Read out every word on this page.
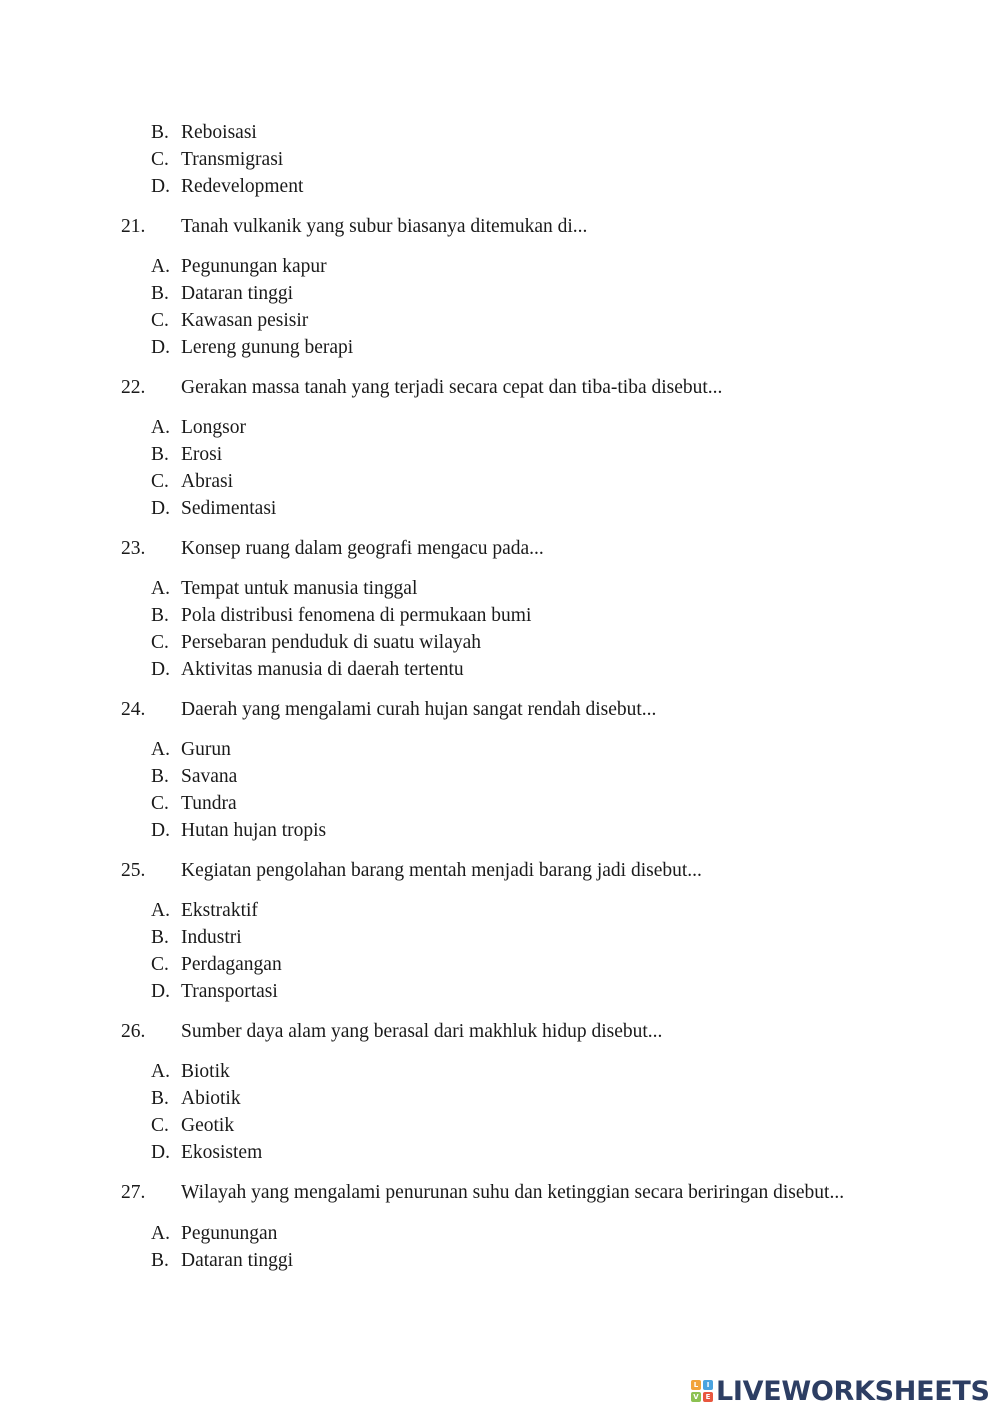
B. Reboisasi
C. Transmigrasi
D. Redevelopment
21. Tanah vulkanik yang subur biasanya ditemukan di...
A. Pegunungan kapur
B. Dataran tinggi
C. Kawasan pesisir
D. Lereng gunung berapi
22. Gerakan massa tanah yang terjadi secara cepat dan tiba-tiba disebut...
A. Longsor
B. Erosi
C. Abrasi
D. Sedimentasi
23. Konsep ruang dalam geografi mengacu pada...
A. Tempat untuk manusia tinggal
B. Pola distribusi fenomena di permukaan bumi
C. Persebaran penduduk di suatu wilayah
D. Aktivitas manusia di daerah tertentu
24. Daerah yang mengalami curah hujan sangat rendah disebut...
A. Gurun
B. Savana
C. Tundra
D. Hutan hujan tropis
25. Kegiatan pengolahan barang mentah menjadi barang jadi disebut...
A. Ekstraktif
B. Industri
C. Perdagangan
D. Transportasi
26. Sumber daya alam yang berasal dari makhluk hidup disebut...
A. Biotik
B. Abiotik
C. Geotik
D. Ekosistem
27. Wilayah yang mengalami penurunan suhu dan ketinggian secara beriringan disebut...
A. Pegunungan
B. Dataran tinggi
L	I
V E LIVEWORKSHEETS
